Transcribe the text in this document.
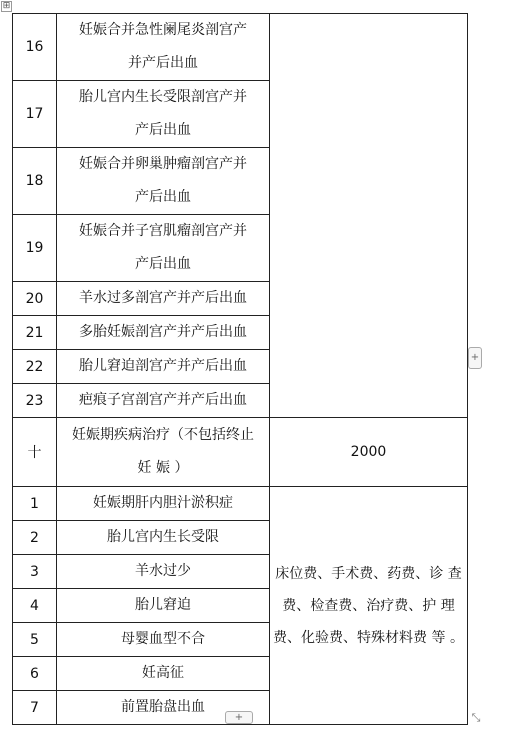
⊞
16	妊娠合并急性阑尾炎剖宫产
并产后出血	

17	胎儿宫内生长受限剖宫产并
产后出血	

18	妊娠合并卵巢肿瘤剖宫产并
产后出血	

19	妊娠合并子宫肌瘤剖宫产并
产后出血	

20	羊水过多剖宫产并产后出血	

21	多胎妊娠剖宫产并产后出血	

22	胎儿窘迫剖宫产并产后出血	

23	疤痕子宫剖宫产并产后出血	

十	妊娠期疾病治疗（不包括终止
妊 娠 ）	2000
1	妊娠期肝内胆汁淤积症	床位费、手术费、药费、诊 查费、检查费、治疗费、护 理费、化验费、特殊材料费 等 。
2	胎儿宫内生长受限	
3	羊水过少	
4	胎儿窘迫	
5	母婴血型不合	
6	妊高征	
7	前置胎盘出血	
+
+	⤡
